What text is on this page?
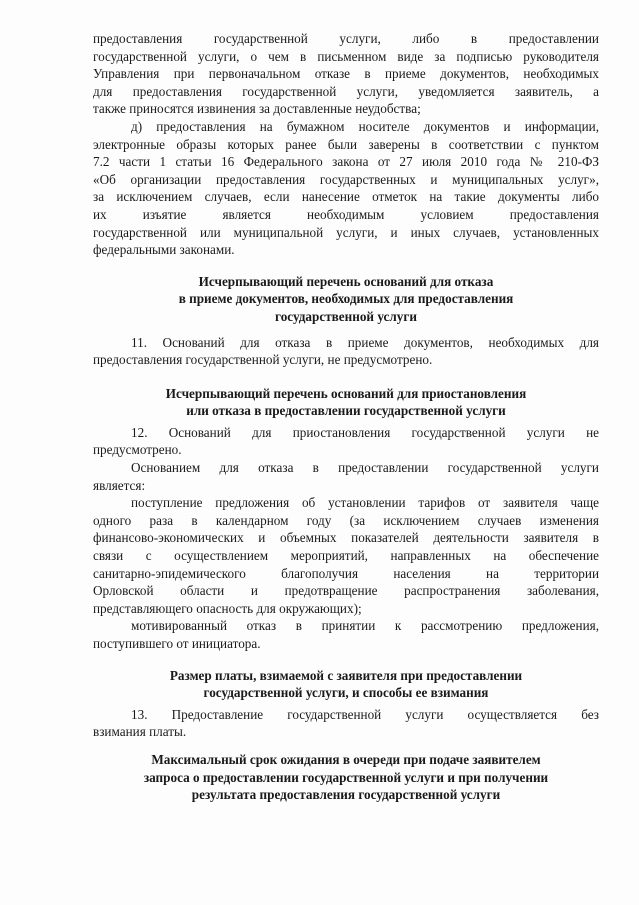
предоставления государственной услуги, либо в предоставлении
государственной услуги, о чем в письменном виде за подписью руководителя
Управления при первоначальном отказе в приеме документов, необходимых
для предоставления государственной услуги, уведомляется заявитель, а
также приносятся извинения за доставленные неудобства;
д) предоставления на бумажном носителе документов и информации,
электронные образы которых ранее были заверены в соответствии с пунктом
7.2 части 1 статьи 16 Федерального закона от 27 июля 2010 года № 210-ФЗ
«Об организации предоставления государственных и муниципальных услуг»,
за исключением случаев, если нанесение отметок на такие документы либо
их изъятие является необходимым условием предоставления
государственной или муниципальной услуги, и иных случаев, установленных
федеральными законами.
Исчерпывающий перечень оснований для отказа
в приеме документов, необходимых для предоставления
государственной услуги
11. Оснований для отказа в приеме документов, необходимых для
предоставления государственной услуги, не предусмотрено.
Исчерпывающий перечень оснований для приостановления
или отказа в предоставлении государственной услуги
12. Оснований для приостановления государственной услуги не
предусмотрено.
Основанием для отказа в предоставлении государственной услуги
является:
поступление предложения об установлении тарифов от заявителя чаще
одного раза в календарном году (за исключением случаев изменения
финансово-экономических и объемных показателей деятельности заявителя в
связи с осуществлением мероприятий, направленных на обеспечение
санитарно-эпидемического благополучия населения на территории
Орловской области и предотвращение распространения заболевания,
представляющего опасность для окружающих);
мотивированный отказ в принятии к рассмотрению предложения,
поступившего от инициатора.
Размер платы, взимаемой с заявителя при предоставлении
государственной услуги, и способы ее взимания
13. Предоставление государственной услуги осуществляется без
взимания платы.
Максимальный срок ожидания в очереди при подаче заявителем
запроса о предоставлении государственной услуги и при получении
результата предоставления государственной услуги
